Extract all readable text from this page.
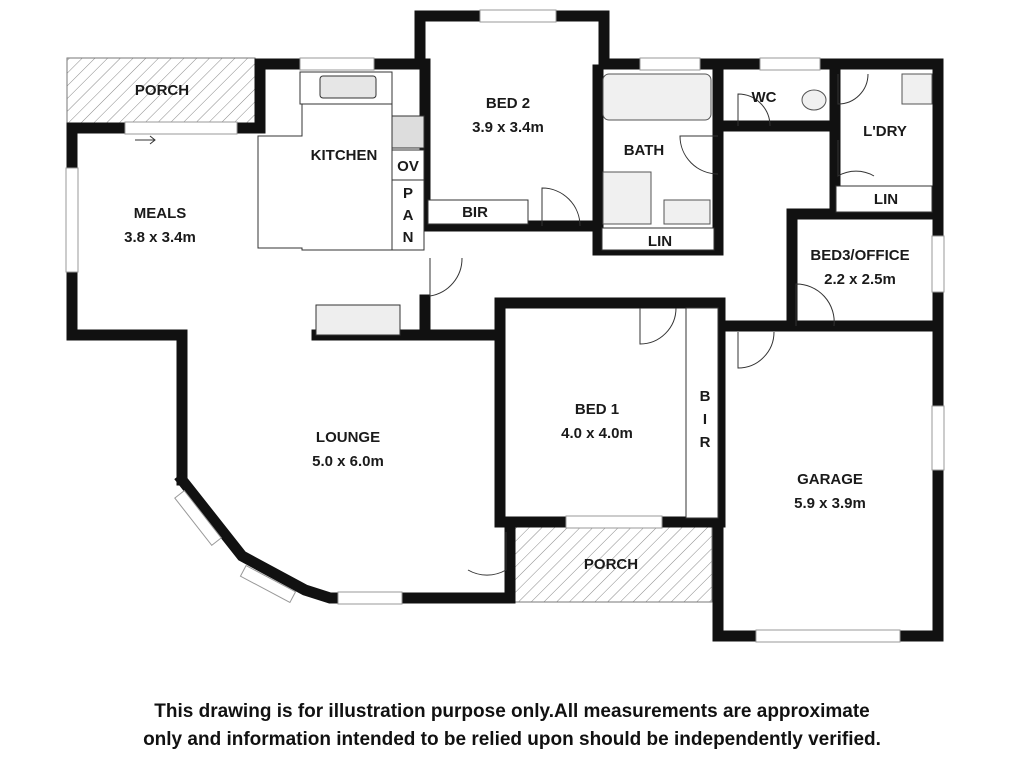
PORCH
MEALS
3.8 x 3.4m
KITCHEN
OV
P
A
N
BED 2
3.9 x 3.4m
BIR
BATH
LIN
WC
L'DRY
LIN
BED3/OFFICE
2.2 x 2.5m
LOUNGE
5.0 x 6.0m
BED 1
4.0 x 4.0m
B
I
R
GARAGE
5.9 x 3.9m
PORCH
This drawing is for illustration purpose only.All measurements are approximate
only and information intended to be relied upon should be independently verified.
